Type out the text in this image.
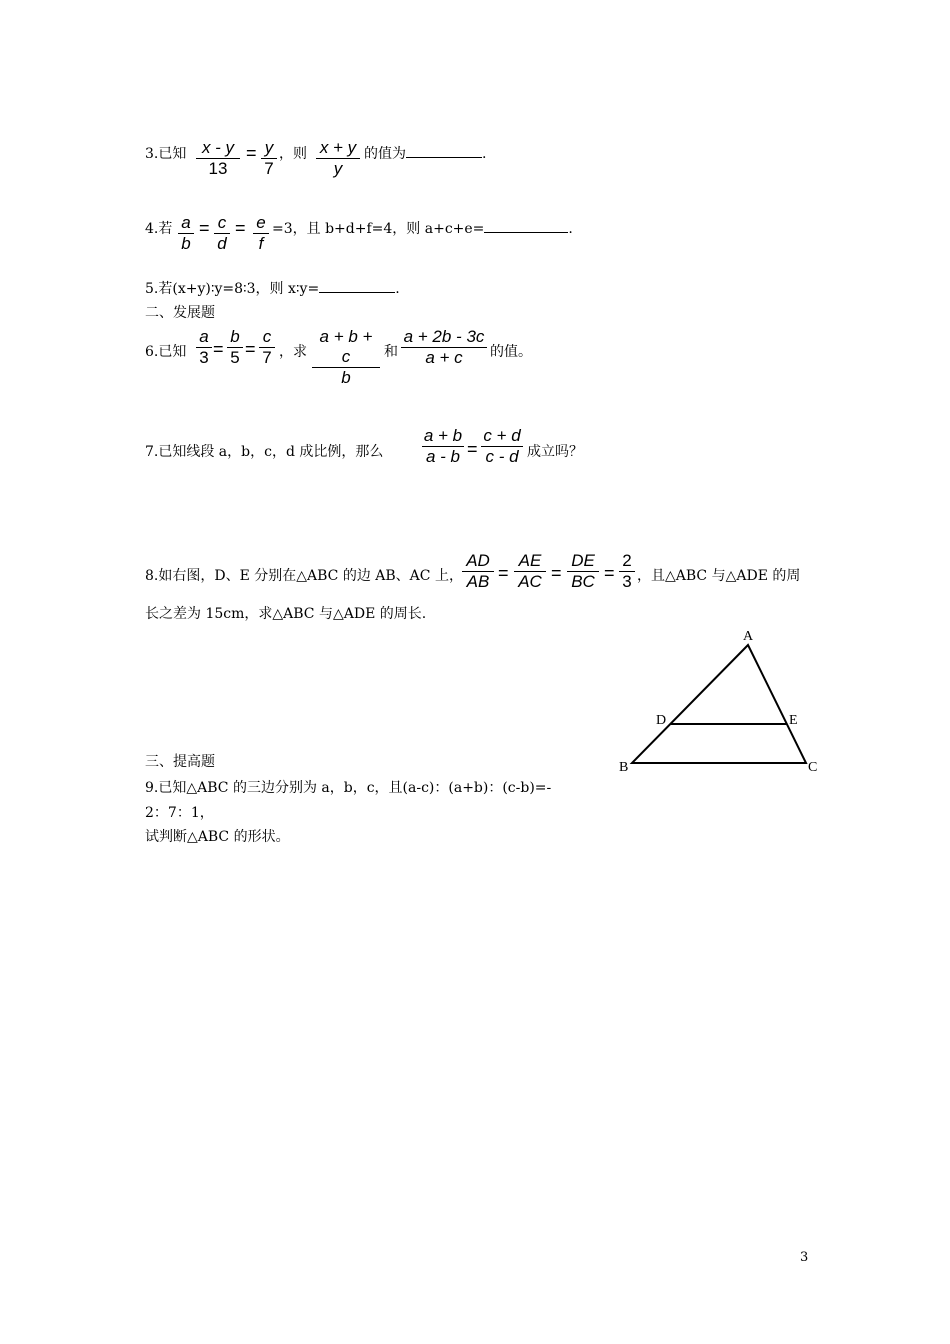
3.已知 $\frac{x - y}{13} = \frac{y}{7}$ ，则 $\frac{x + y}{y}$ 的值为	.
4.若 $\frac{a}{b} = \frac{c}{d} = \frac{e}{f} =3$，且 b+d+f=4，则 a+c+e=	.
5.若(x+y)∶y=8∶3，则 x∶y=	.
二、发展题
6.已知 $\frac{a}{3} = \frac{b}{5} = \frac{c}{7}$ ，求 $\frac{a + b + c}{b}$ 和 $\frac{a + 2b - 3c}{a + c}$ 的值。
7.已知线段 a，b，c，d 成比例，那么 $\frac{a + b}{a - b} = \frac{c + d}{c - d}$ 成立吗？
8.如右图，D、E 分别在△ABC 的边 AB、AC 上， $\frac{AD}{AB} = \frac{AE}{AC} = \frac{DE}{BC} = \frac{2}{3}$ ，且△ABC 与△ADE 的周
长之差为 15cm，求△ABC 与△ADE 的周长.
A
B	C
D	E
三、提高题
9.已知△ABC 的三边分别为 a，b，c，且(a-c)：(a+b)：(c-b)=-
2：7：1，
试判断△ABC 的形状。
3
